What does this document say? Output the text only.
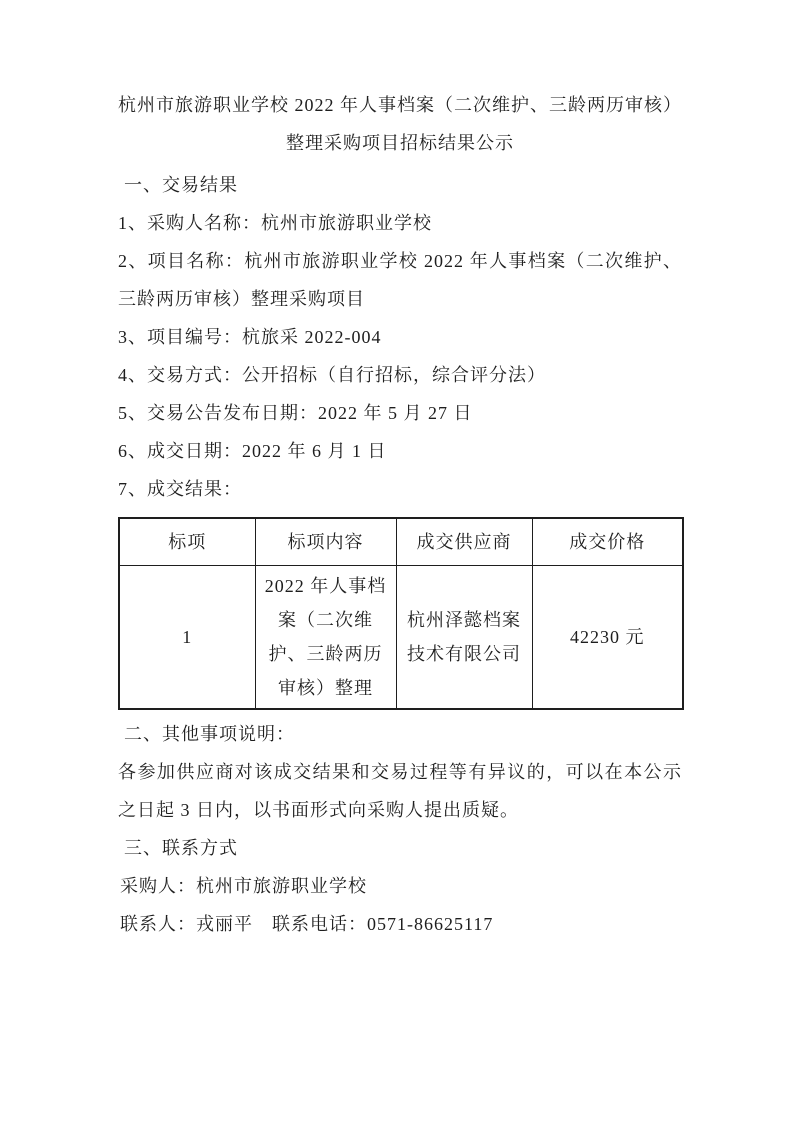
杭州市旅游职业学校 2022 年人事档案（二次维护、三龄两历审核）
整理采购项目招标结果公示

一、交易结果

1、采购人名称：杭州市旅游职业学校

2、项目名称：杭州市旅游职业学校 2022 年人事档案（二次维护、三龄两历审核）整理采购项目

3、项目编号：杭旅采 2022-004

4、交易方式：公开招标（自行招标，综合评分法）

5、交易公告发布日期：2022 年 5 月 27 日

6、成交日期：2022 年 6 月 1 日

7、成交结果：

标项	标项内容	成交供应商	成交价格
1	2022 年人事档案（二次维护、三龄两历审核）整理	杭州泽懿档案技术有限公司	42230 元

二、其他事项说明：

各参加供应商对该成交结果和交易过程等有异议的，可以在本公示之日起 3 日内，以书面形式向采购人提出质疑。

三、联系方式

采购人：杭州市旅游职业学校

联系人：戎丽平　联系电话：0571-86625117
